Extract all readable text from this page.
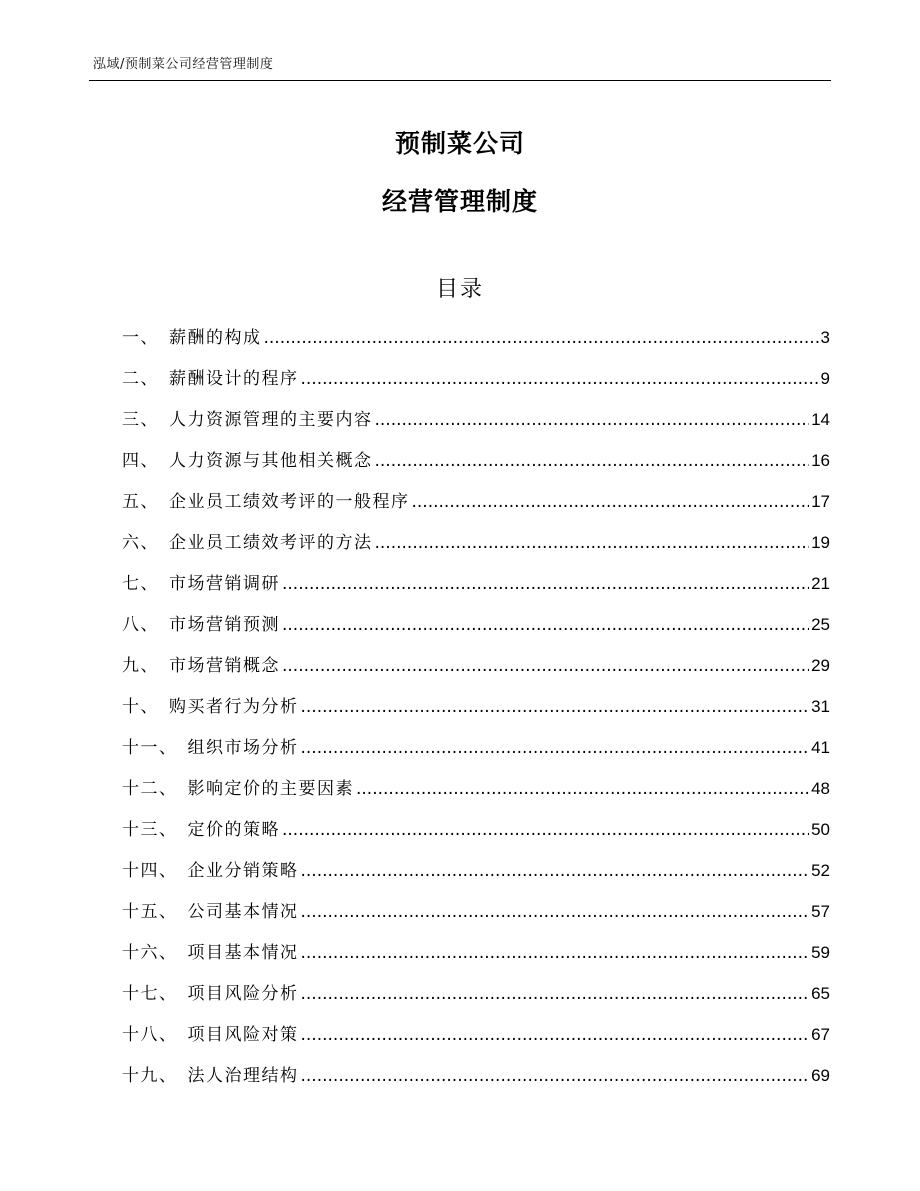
泓域/预制菜公司经营管理制度
预制菜公司
经营管理制度
目录
一、 薪酬的构成 .....	3
二、 薪酬设计的程序 .....	9
三、 人力资源管理的主要内容 .....	14
四、 人力资源与其他相关概念 .....	16
五、 企业员工绩效考评的一般程序 .....	17
六、 企业员工绩效考评的方法 .....	19
七、 市场营销调研 .....	21
八、 市场营销预测 .....	25
九、 市场营销概念 .....	29
十、 购买者行为分析 .....	31
十一、 组织市场分析 .....	41
十二、 影响定价的主要因素 .....	48
十三、 定价的策略 .....	50
十四、 企业分销策略 .....	52
十五、 公司基本情况 .....	57
十六、 项目基本情况 .....	59
十七、 项目风险分析 .....	65
十八、 项目风险对策 .....	67
十九、 法人治理结构 .....	69
